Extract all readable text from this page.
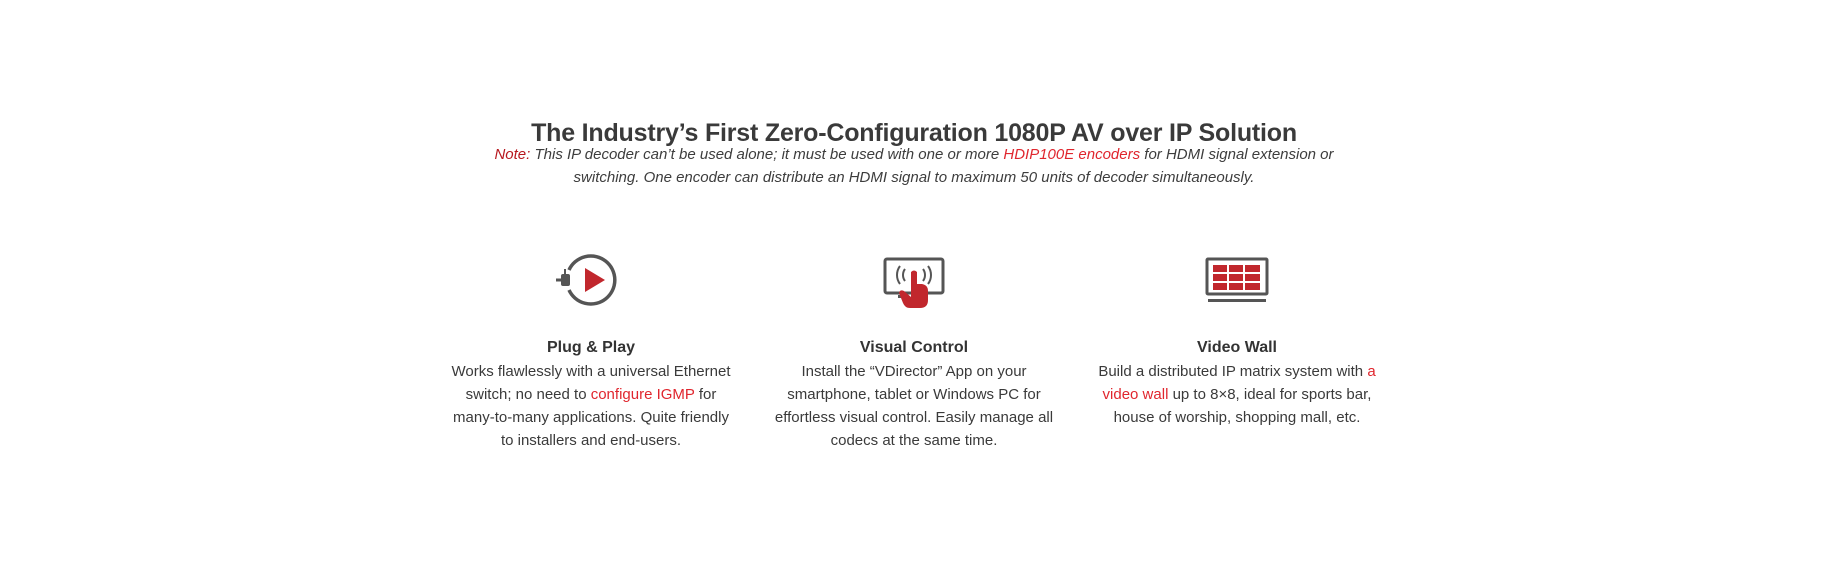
The Industry’s First Zero-Configuration 1080P AV over IP Solution
Note: This IP decoder can’t be used alone; it must be used with one or more HDIP100E encoders for HDMI signal extension or switching. One encoder can distribute an HDMI signal to maximum 50 units of decoder simultaneously.
Plug & Play

Works flawlessly with a universal Ethernet switch; no need to configure IGMP for many-to-many applications. Quite friendly to installers and end-users.

Visual Control

Install the “VDirector” App on your smartphone, tablet or Windows PC for effortless visual control. Easily manage all codecs at the same time.

Video Wall

Build a distributed IP matrix system with a video wall up to 8×8, ideal for sports bar, house of worship, shopping mall, etc.
